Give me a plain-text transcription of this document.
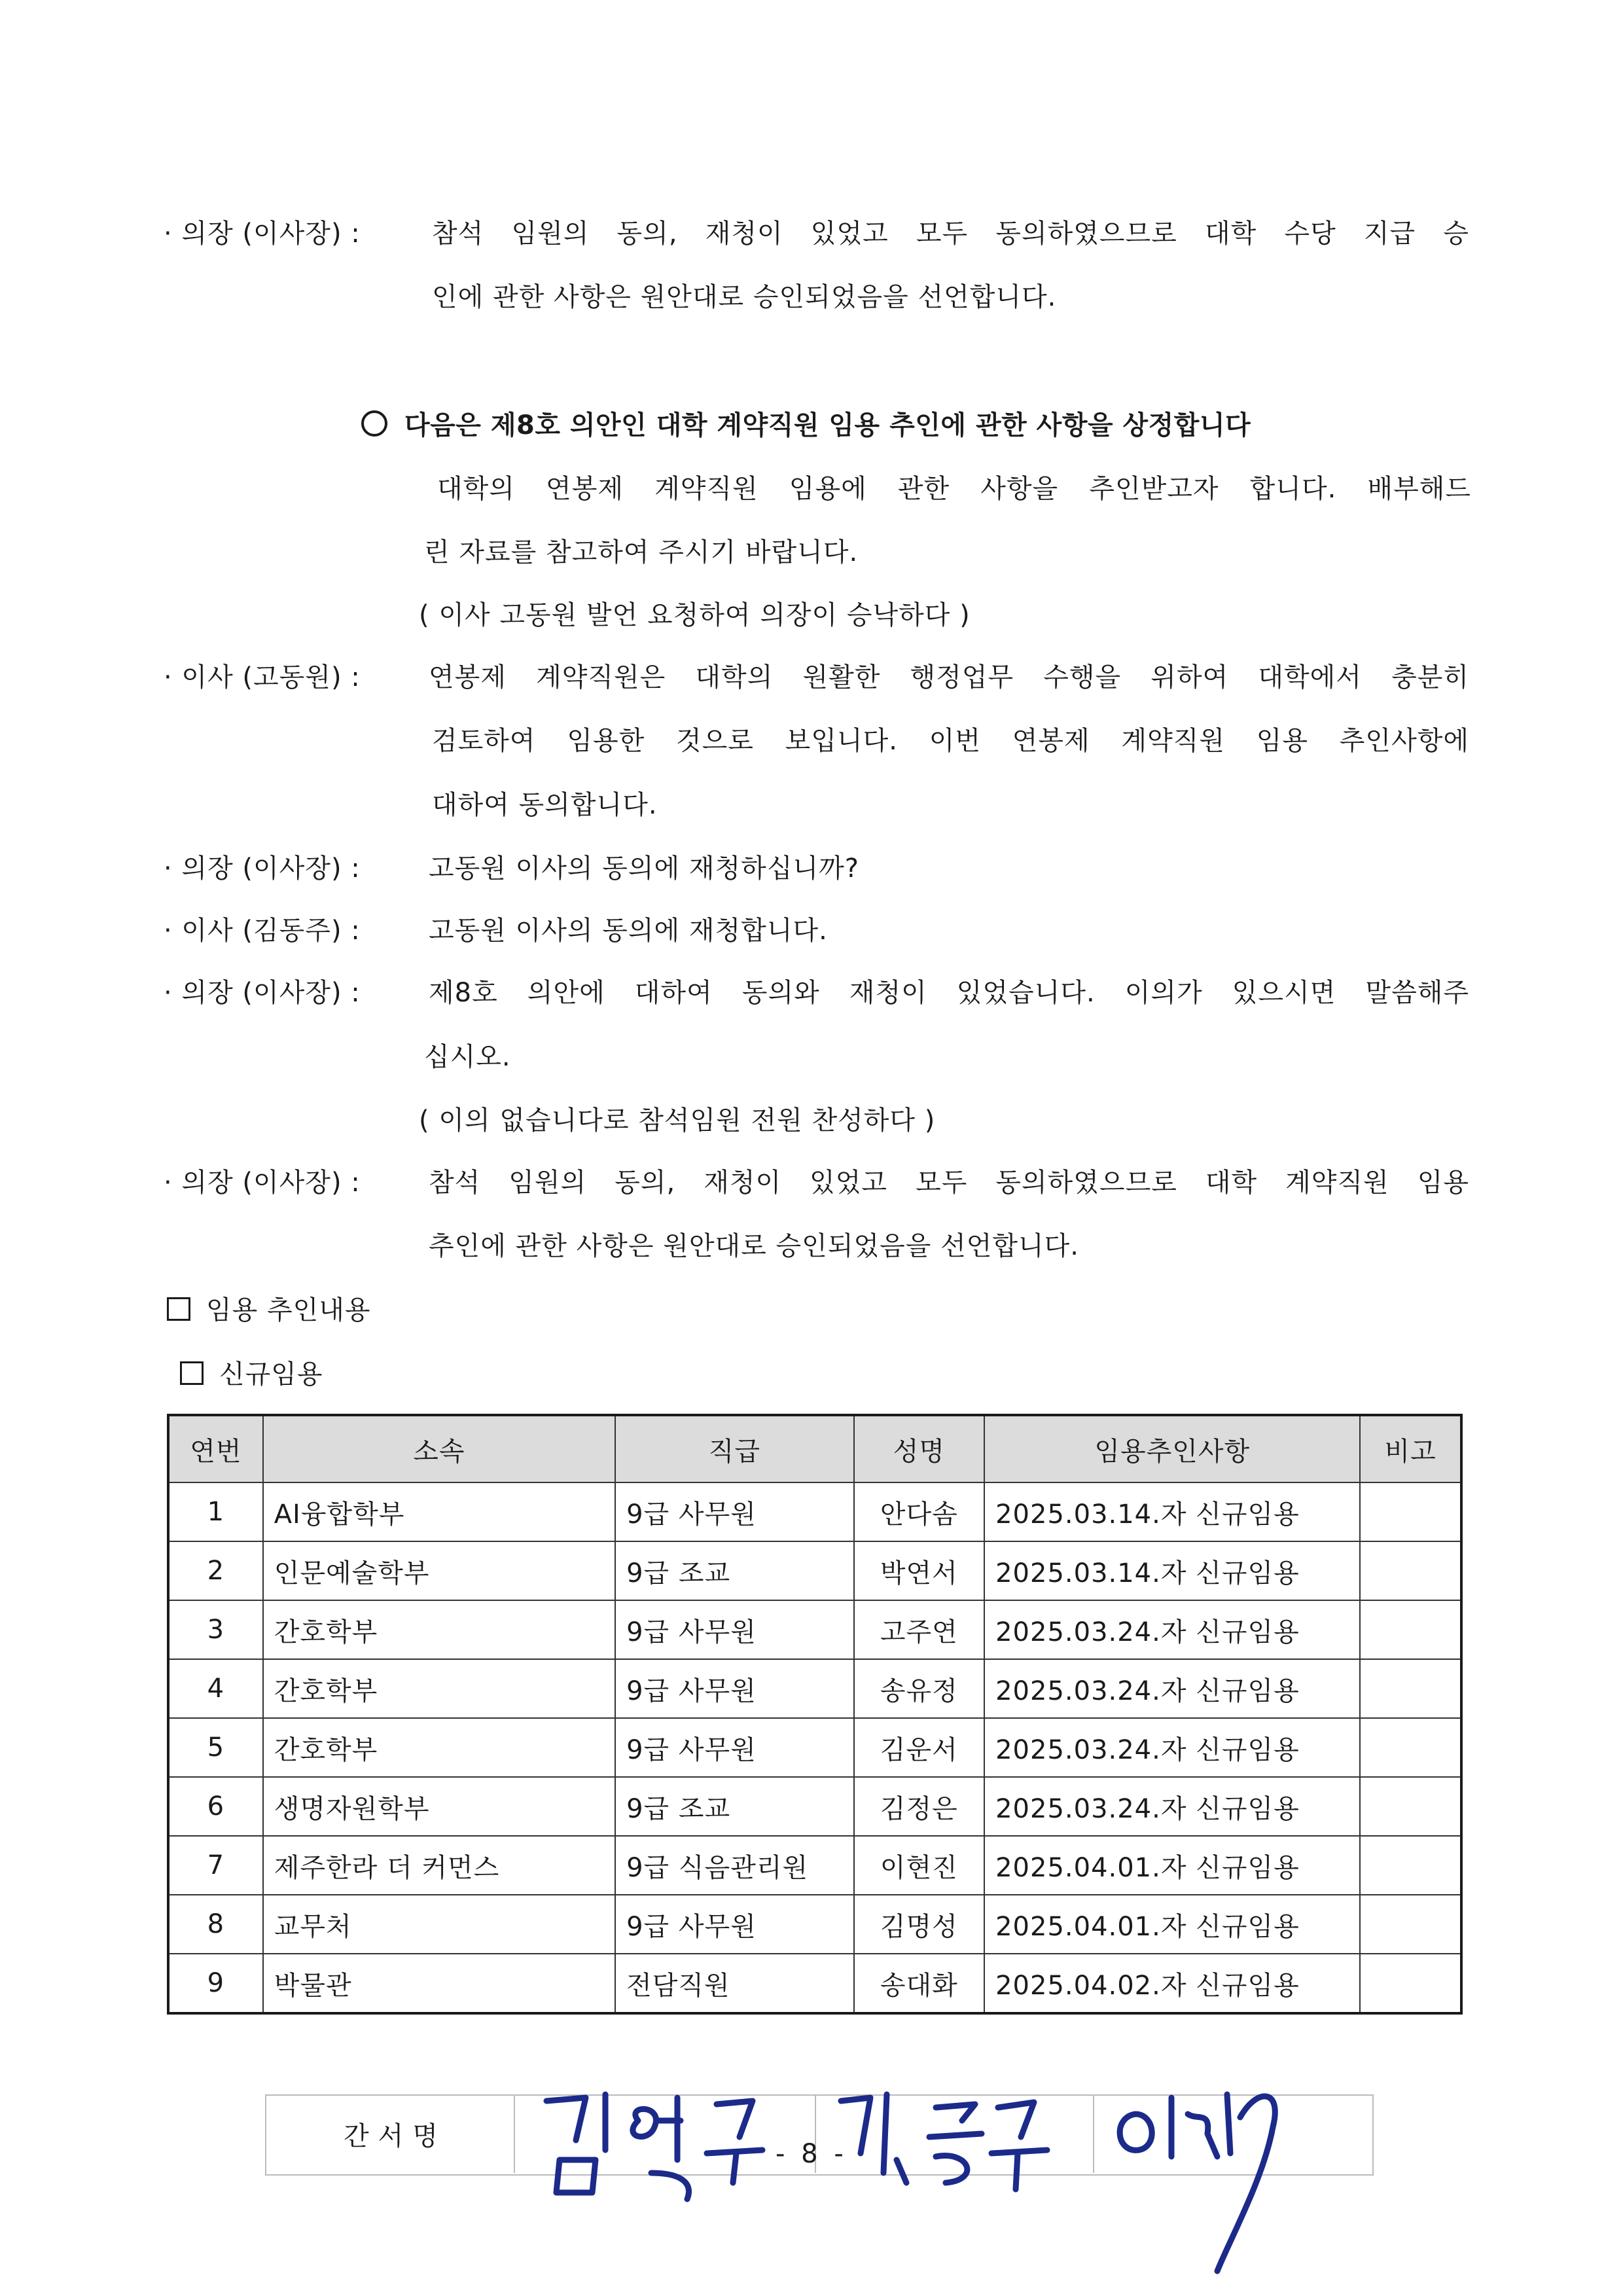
· 의장 (이사장) :	참석 임원의 동의, 재청이 있었고 모두 동의하였으므로 대학 수당 지급 승
인에 관한 사항은 원안대로 승인되었음을 선언합니다.
다음은 제8호 의안인 대학 계약직원 임용 추인에 관한 사항을 상정합니다
대학의 연봉제 계약직원 임용에 관한 사항을 추인받고자 합니다. 배부해드
린 자료를 참고하여 주시기 바랍니다.
( 이사 고동원 발언 요청하여 의장이 승낙하다 )
· 이사 (고동원) :	연봉제 계약직원은 대학의 원활한 행정업무 수행을 위하여 대학에서 충분히
검토하여 임용한 것으로 보입니다. 이번 연봉제 계약직원 임용 추인사항에
대하여 동의합니다.
· 의장 (이사장) :	고동원 이사의 동의에 재청하십니까?
· 이사 (김동주) :	고동원 이사의 동의에 재청합니다.
· 의장 (이사장) :	제8호 의안에 대하여 동의와 재청이 있었습니다. 이의가 있으시면 말씀해주
십시오.
( 이의 없습니다로 참석임원 전원 찬성하다 )
· 의장 (이사장) :	참석 임원의 동의, 재청이 있었고 모두 동의하였으므로 대학 계약직원 임용
추인에 관한 사항은 원안대로 승인되었음을 선언합니다.
임용 추인내용
신규임용
연번	소속	직급	성명	임용추인사항	비고
1	AI융합학부	9급 사무원	안다솜	2025.03.14.자 신규임용	
2	인문예술학부	9급 조교	박연서	2025.03.14.자 신규임용	
3	간호학부	9급 사무원	고주연	2025.03.24.자 신규임용	
4	간호학부	9급 사무원	송유정	2025.03.24.자 신규임용	
5	간호학부	9급 사무원	김운서	2025.03.24.자 신규임용	
6	생명자원학부	9급 조교	김정은	2025.03.24.자 신규임용	
7	제주한라 더 커먼스	9급 식음관리원	이현진	2025.04.01.자 신규임용	
8	교무처	9급 사무원	김명성	2025.04.01.자 신규임용	
9	박물관	전담직원	송대화	2025.04.02.자 신규임용	
간서명
- 8 -
